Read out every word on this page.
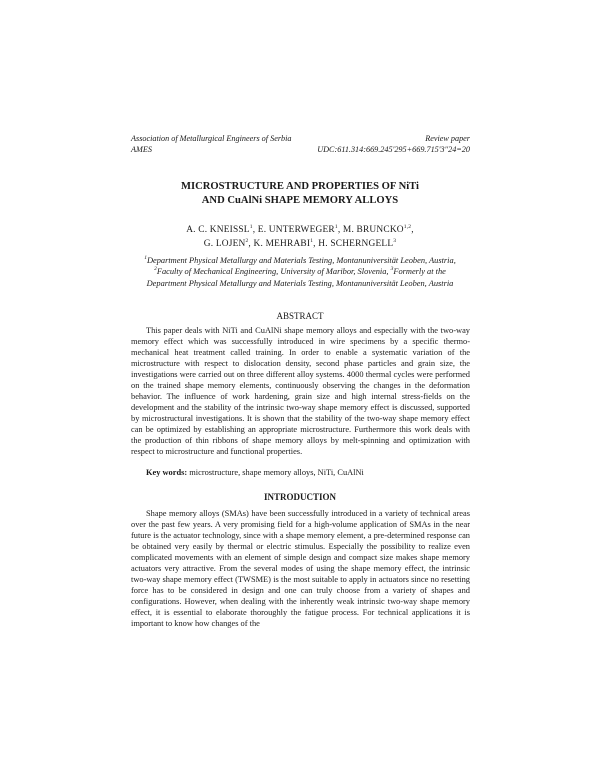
Association of Metallurgical Engineers of Serbia
AMES
Review paper
UDC:611.314:669.245'295+669.715'3''24=20
MICROSTRUCTURE AND PROPERTIES OF NiTi
AND CuAlNi SHAPE MEMORY ALLOYS
A. C. KNEISSL$^1$, E. UNTERWEGER$^1$, M. BRUNCKO$^{1,2}$,
G. LOJEN$^2$, K. MEHRABI$^1$, H. SCHERNGELL$^3$
$^1$Department Physical Metallurgy and Materials Testing, Montanuniversität Leoben, Austria, $^2$Faculty of Mechanical Engineering, University of Maribor, Slovenia, $^3$Formerly at the Department Physical Metallurgy and Materials Testing, Montanuniversität Leoben, Austria
ABSTRACT

This paper deals with NiTi and CuAlNi shape memory alloys and especially with the two-way memory effect which was successfully introduced in wire specimens by a specific thermo-mechanical heat treatment called training. In order to enable a systematic variation of the microstructure with respect to dislocation density, second phase particles and grain size, the investigations were carried out on three different alloy systems. 4000 thermal cycles were performed on the trained shape memory elements, continuously observing the changes in the deformation behavior. The influence of work hardening, grain size and high internal stress-fields on the development and the stability of the intrinsic two-way shape memory effect is discussed, supported by microstructural investigations. It is shown that the stability of the two-way shape memory effect can be optimized by establishing an appropriate microstructure. Furthermore this work deals with the production of thin ribbons of shape memory alloys by melt-spinning and optimization with respect to microstructure and functional properties.

Key words: microstructure, shape memory alloys, NiTi, CuAlNi
INTRODUCTION

Shape memory alloys (SMAs) have been successfully introduced in a variety of technical areas over the past few years. A very promising field for a high-volume application of SMAs in the near future is the actuator technology, since with a shape memory element, a pre-determined response can be obtained very easily by thermal or electric stimulus. Especially the possibility to realize even complicated movements with an element of simple design and compact size makes shape memory actuators very attractive. From the several modes of using the shape memory effect, the intrinsic two-way shape memory effect (TWSME) is the most suitable to apply in actuators since no resetting force has to be considered in design and one can truly choose from a variety of shapes and configurations. However, when dealing with the inherently weak intrinsic two-way shape memory effect, it is essential to elaborate thoroughly the fatigue process. For technical applications it is important to know how changes of the
